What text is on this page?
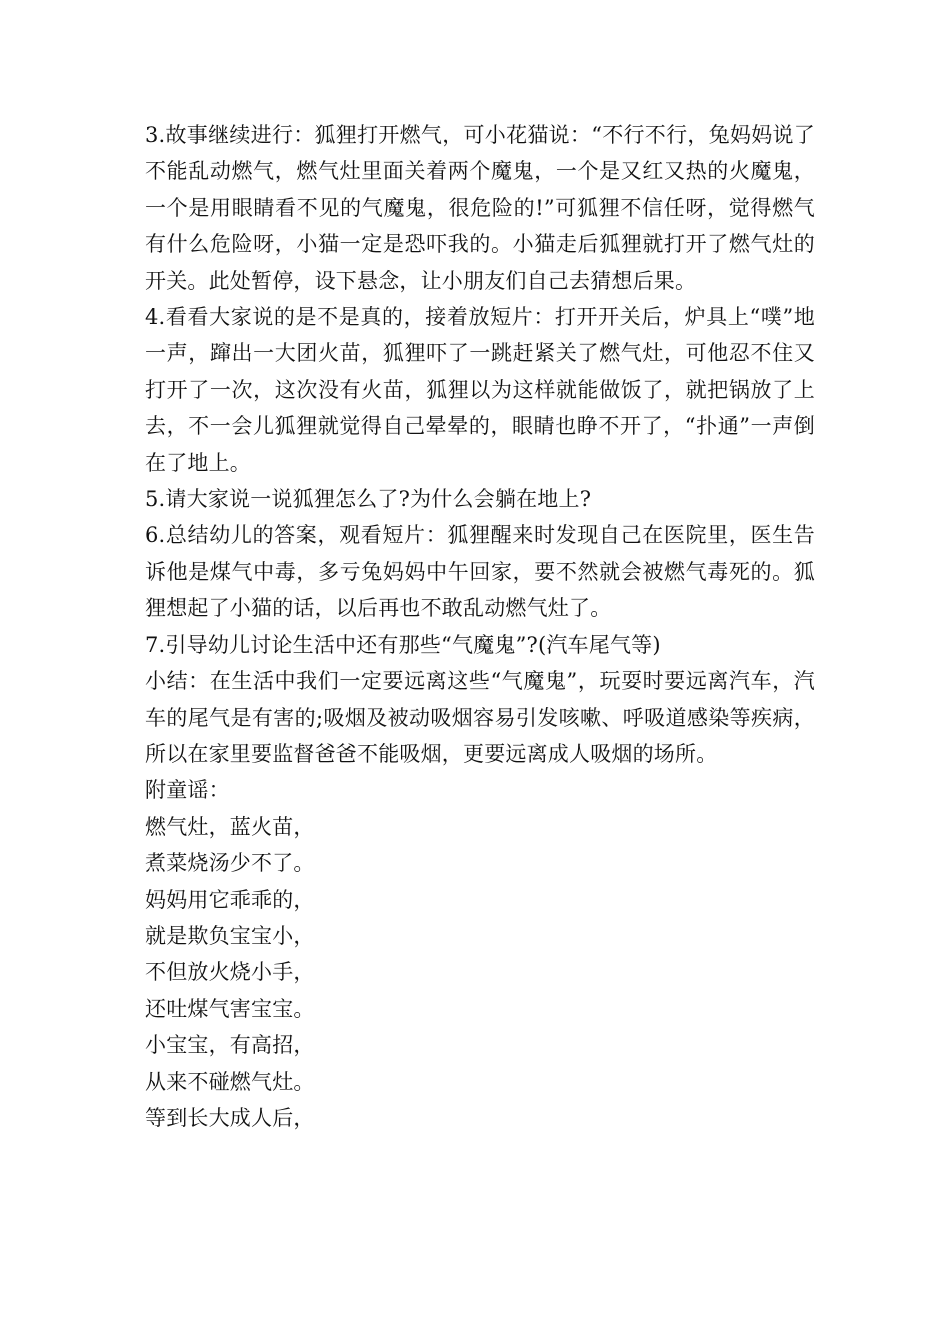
3.故事继续进行：狐狸打开燃气，可小花猫说：“不行不行，兔妈妈说了不能乱动燃气，燃气灶里面关着两个魔鬼，一个是又红又热的火魔鬼，一个是用眼睛看不见的气魔鬼，很危险的!”可狐狸不信任呀，觉得燃气有什么危险呀，小猫一定是恐吓我的。小猫走后狐狸就打开了燃气灶的开关。此处暂停，设下悬念，让小朋友们自己去猜想后果。

4.看看大家说的是不是真的，接着放短片：打开开关后，炉具上“噗”地一声，蹿出一大团火苗，狐狸吓了一跳赶紧关了燃气灶，可他忍不住又打开了一次，这次没有火苗，狐狸以为这样就能做饭了，就把锅放了上去，不一会儿狐狸就觉得自己晕晕的，眼睛也睁不开了，“扑通”一声倒在了地上。

5.请大家说一说狐狸怎么了?为什么会躺在地上?

6.总结幼儿的答案，观看短片：狐狸醒来时发现自己在医院里，医生告诉他是煤气中毒，多亏兔妈妈中午回家，要不然就会被燃气毒死的。狐狸想起了小猫的话，以后再也不敢乱动燃气灶了。

7.引导幼儿讨论生活中还有那些“气魔鬼”?(汽车尾气等)

小结：在生活中我们一定要远离这些“气魔鬼”，玩耍时要远离汽车，汽车的尾气是有害的;吸烟及被动吸烟容易引发咳嗽、呼吸道感染等疾病，所以在家里要监督爸爸不能吸烟，更要远离成人吸烟的场所。

附童谣：

燃气灶，蓝火苗，

煮菜烧汤少不了。

妈妈用它乖乖的，

就是欺负宝宝小，

不但放火烧小手，

还吐煤气害宝宝。

小宝宝，有高招，

从来不碰燃气灶。

等到长大成人后，
